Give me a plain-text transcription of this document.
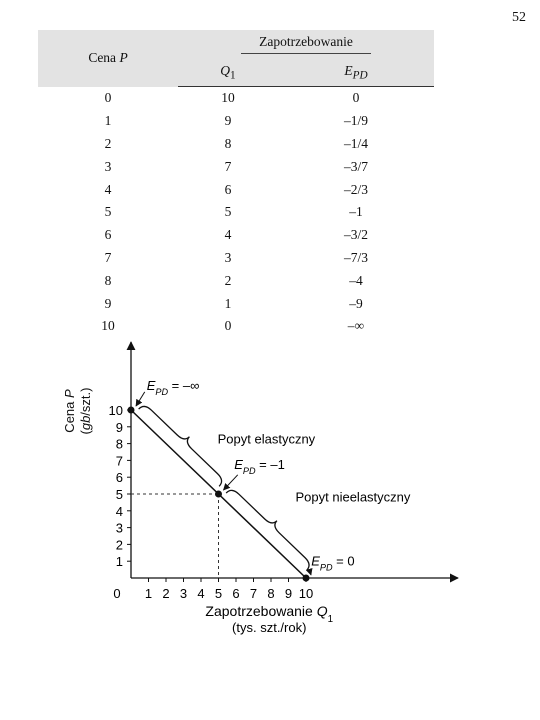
52
Cena P	Zapotrzebowanie	
	$Q_1$	$E_{PD}$
0	10	0
1	9	–1/9
2	8	–1/4
3	7	–3/7
4	6	–2/3
5	5	–1
6	4	–3/2
7	3	–7/3
8	2	–4
9	1	–9
10	0	–∞
0 1 2 3 4 5 6 7 8 9 10
1
2
3
4
5
6
7
8
9
10
$E_{PD}$ = –∞
$E_{PD} = -1$
$E_{PD} = 0$
Popyt elastyczny
Popyt nieelastyczny
Zapotrzebowanie $Q_1$
(tys. szt./rok)
Cena P
(gb/szt.)
